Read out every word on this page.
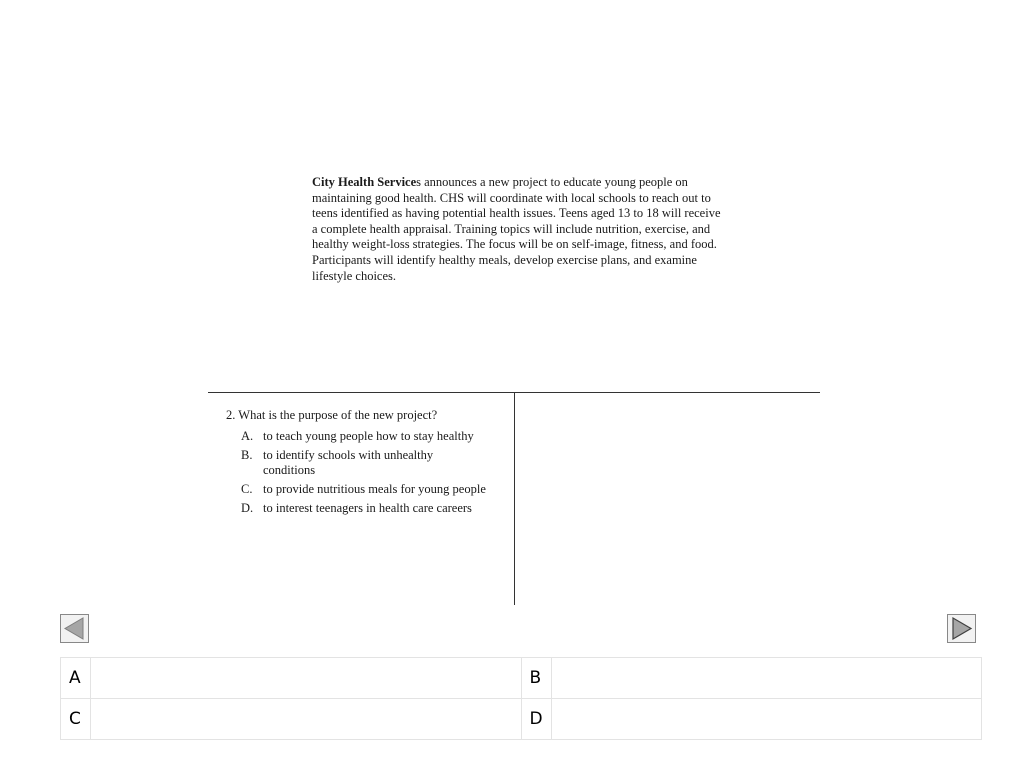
City Health Services announces a new project to educate young people on maintaining good health. CHS will coordinate with local schools to reach out to teens identified as having potential health issues. Teens aged 13 to 18 will receive a complete health appraisal. Training topics will include nutrition, exercise, and healthy weight-loss strategies. The focus will be on self-image, fitness, and food. Participants will identify healthy meals, develop exercise plans, and examine lifestyle choices.
2. What is the purpose of the new project?
A. to teach young people how to stay healthy
B. to identify schools with unhealthy conditions
C. to provide nutritious meals for young people
D. to interest teenagers in health care careers
A		B	
C		D	
